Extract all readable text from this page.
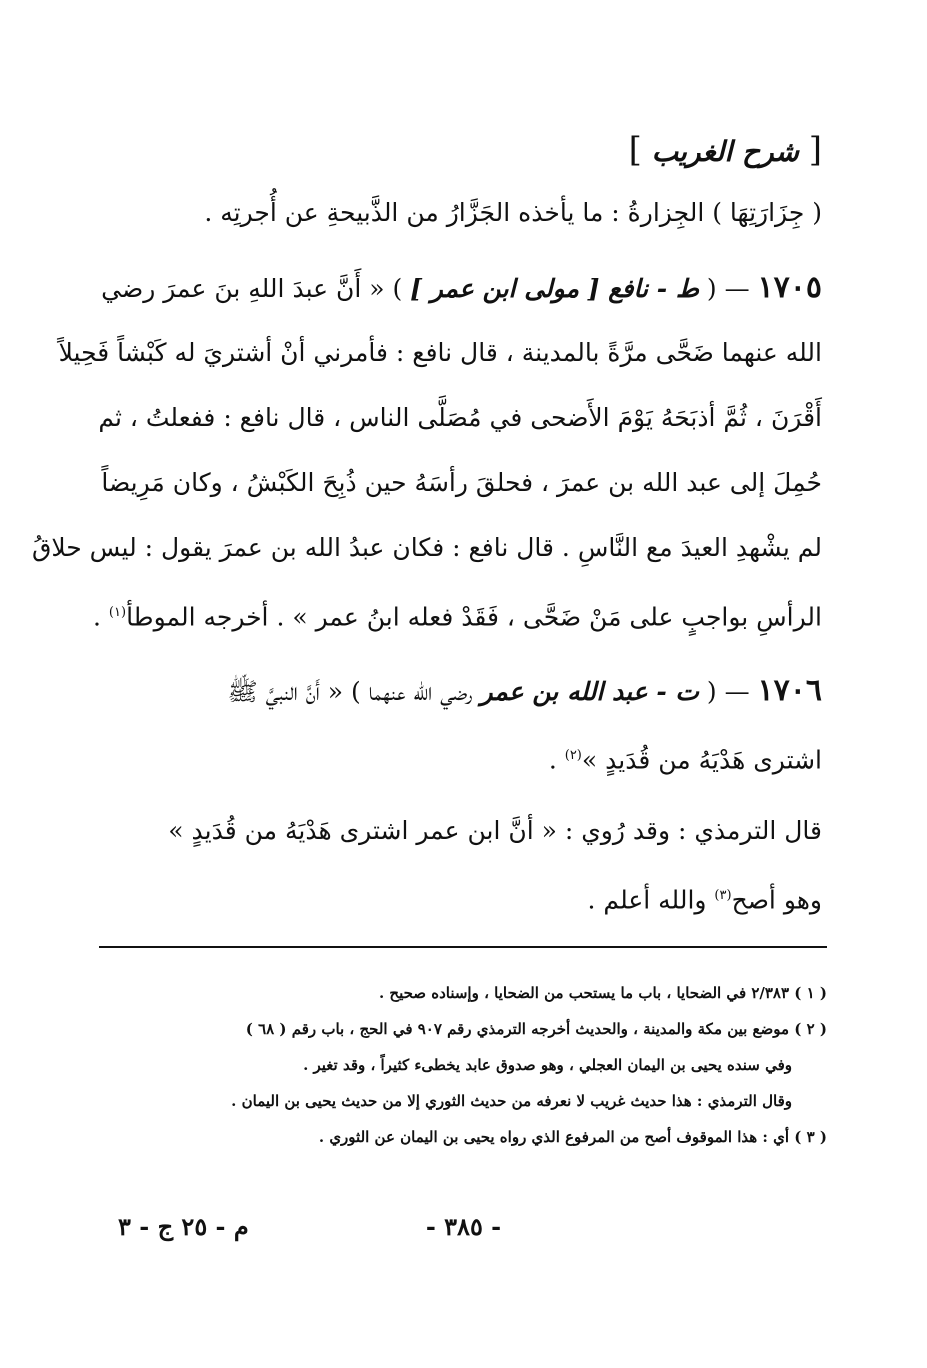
[ شرح الغريب ]
( جِزَارَتِهَا ) الجِزارةُ : ما يأخذه الجَزَّارُ من الذَّبيحةِ عن أُجرتِه .
١٧٠٥ — ( ط - نافع [ مولى ابن عمر ] ) « أَنَّ عبدَ اللهِ بنَ عمرَ رضي
الله عنهما ضَحَّى مرَّةً بالمدينة ، قال نافع : فأمرني أنْ أشتريَ له كَبْشاً فَحِيلاً
أَقْرَنَ ، ثُمَّ أذبَحَهُ يَوْمَ الأَضحى في مُصَلَّى الناس ، قال نافع : ففعلتُ ، ثم
حُمِلَ إلى عبد الله بن عمرَ ، فحلقَ رأسَهُ حين ذُبِحَ الكَبْشُ ، وكان مَرِيضاً
لم يشْهدِ العيدَ مع النَّاسِ . قال نافع : فكان عبدُ الله بن عمرَ يقول : ليس حلاقُ
الرأسِ بواجبٍ على مَنْ ضَحَّى ، فَقَدْ فعله ابنُ عمر » . أخرجه الموطأ$^{(١)}$ .
١٧٠٦ — ( ت - عبد الله بن عمر رضي الله عنهما ) « أَنَّ النبيَّ ﷺ
اشترى هَدْيَهُ من قُدَيدٍ »$^{(٢)}$ .
قال الترمذي : وقد رُوي : « أنَّ ابن عمر اشترى هَدْيَهُ من قُدَيدٍ »
وهو أصح$^{(٣)}$ والله أعلم .
( ١ ) ٢/٣٨٣ في الضحايا ، باب ما يستحب من الضحايا ، وإسناده صحيح .
( ٢ ) موضع بين مكة والمدينة ، والحديث أخرجه الترمذي رقم ٩٠٧ في الحج ، باب رقم ( ٦٨ )
وفي سنده يحيى بن اليمان العجلي ، وهو صدوق عابد يخطىء كثيراً ، وقد تغير .
وقال الترمذي : هذا حديث غريب لا نعرفه من حديث الثوري إلا من حديث يحيى بن اليمان .
( ٣ ) أي : هذا الموقوف أصح من المرفوع الذي رواه يحيى بن اليمان عن الثوري .
- ٣٨٥ -
م - ٢٥ ج - ٣
